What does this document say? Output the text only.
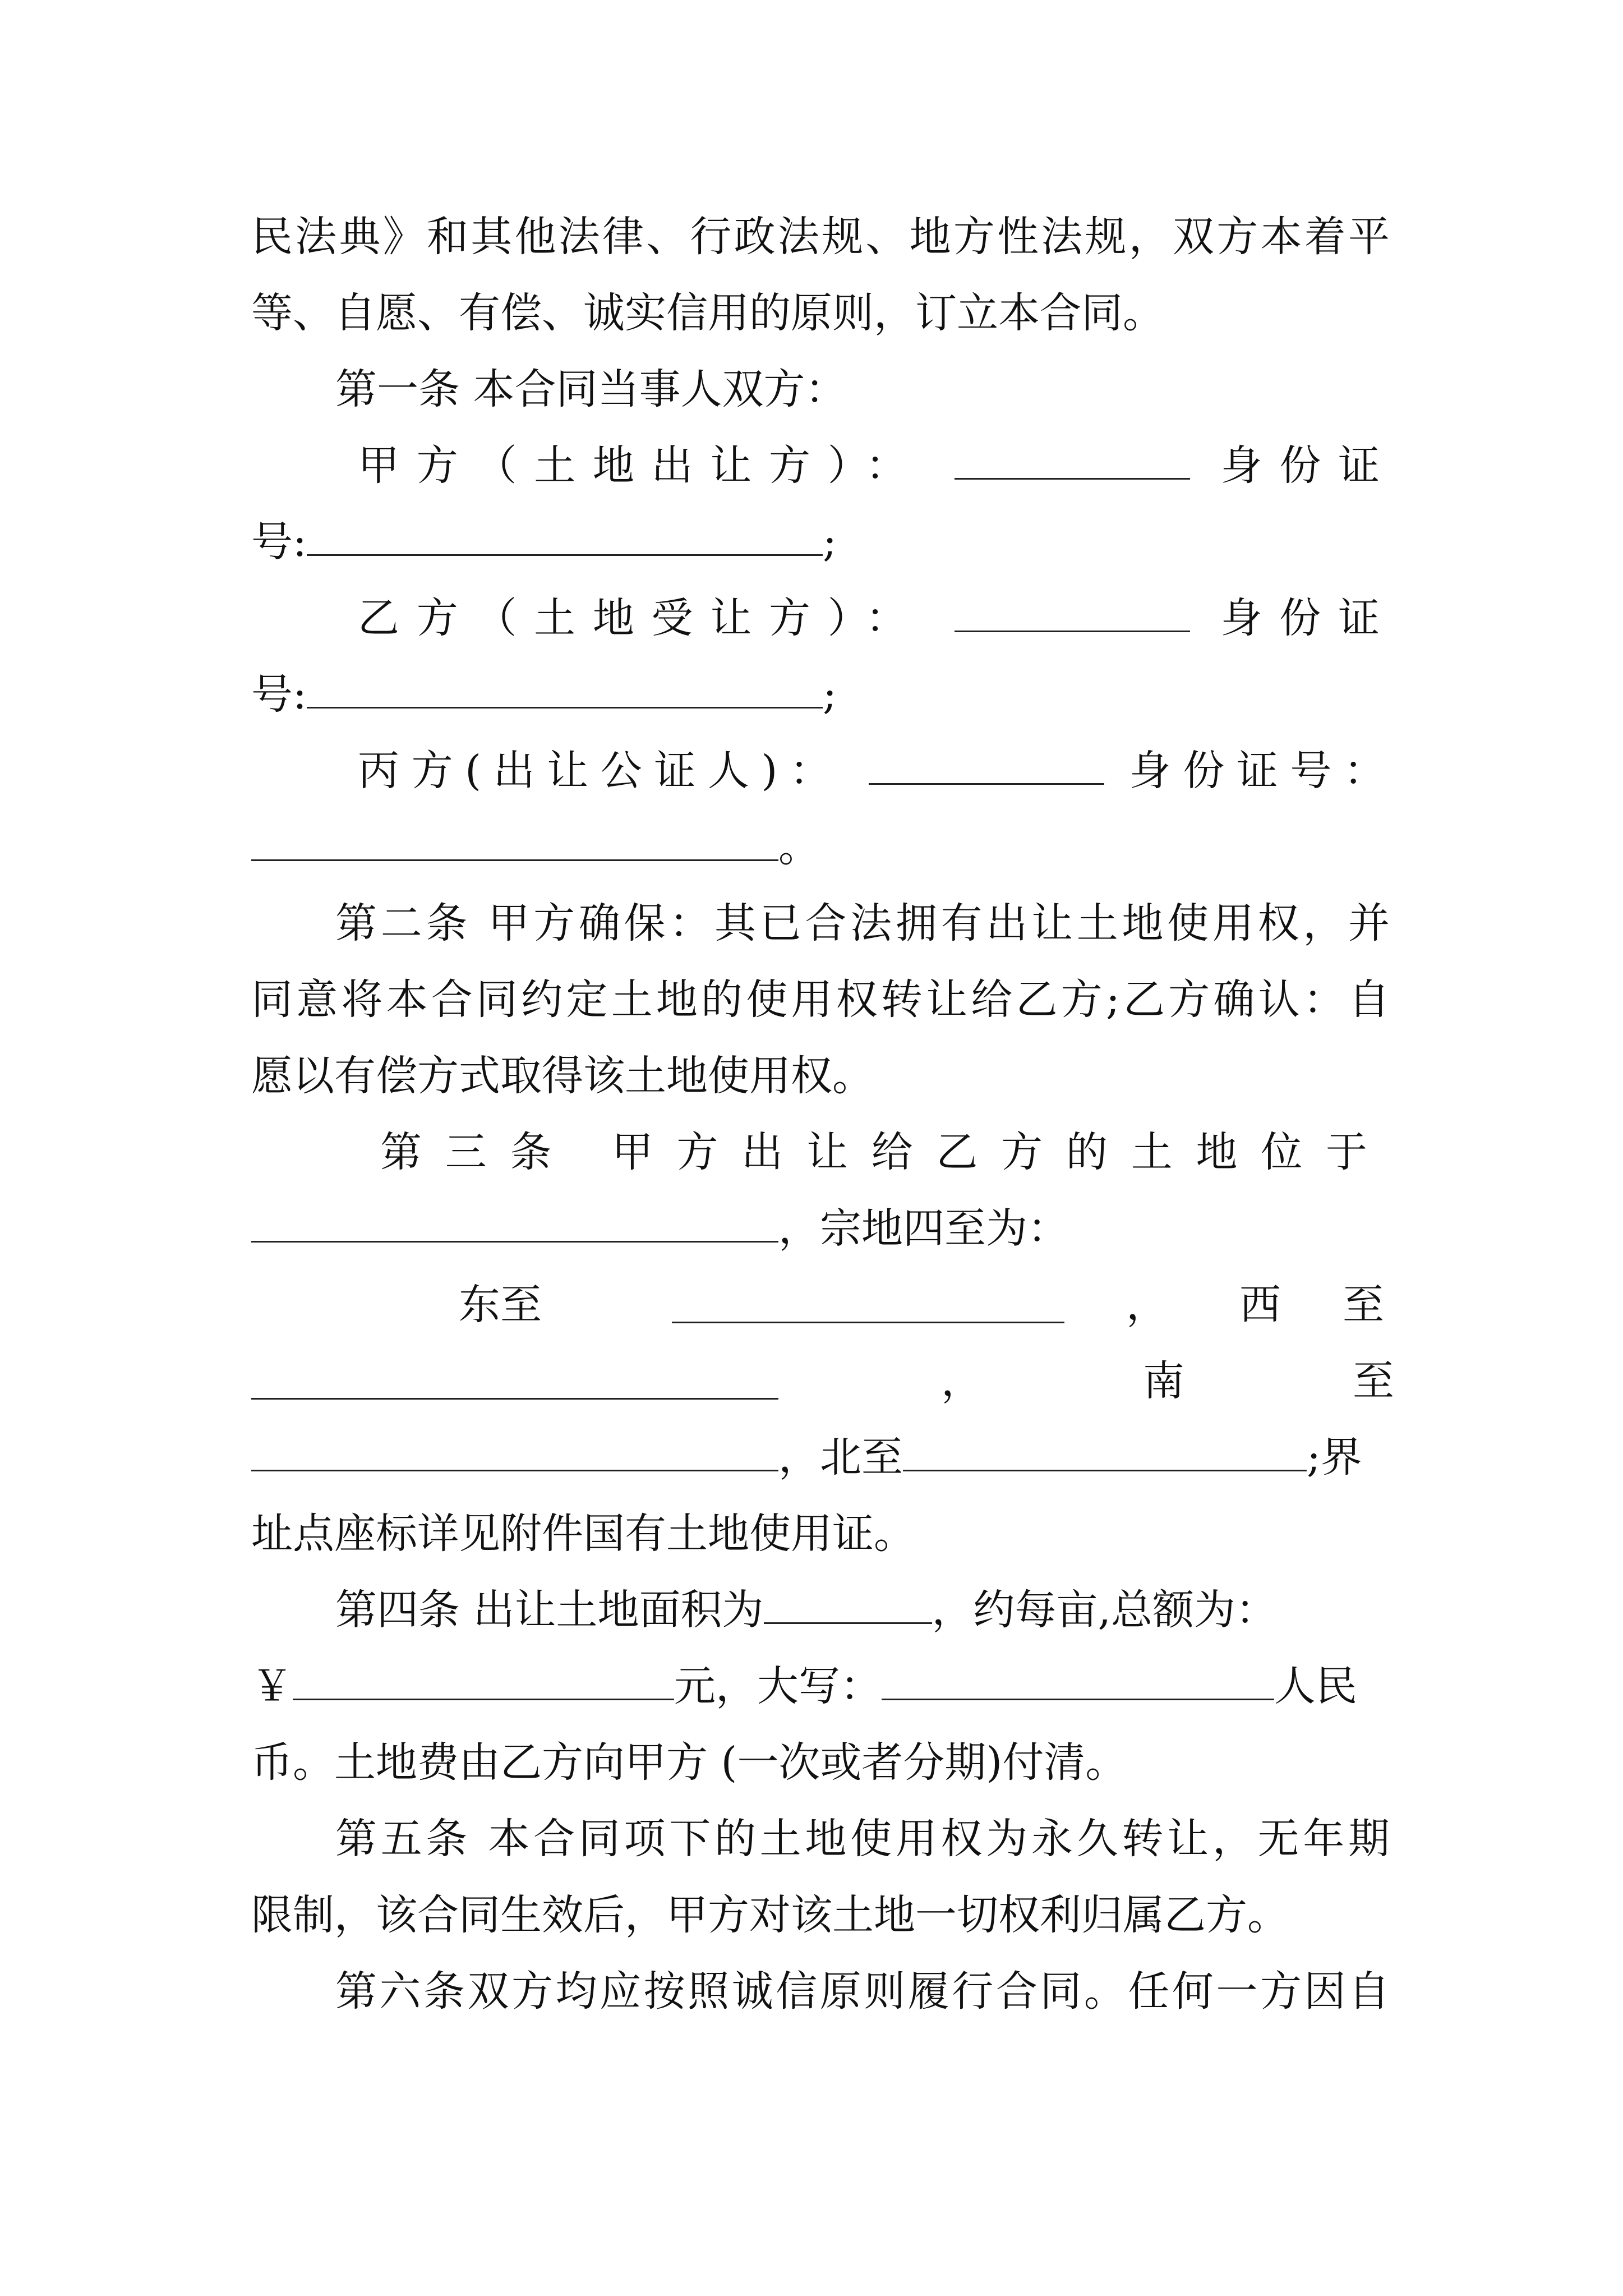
民法典》和其他法律、行政法规、地方性法规，双方本着平
等、自愿、有偿、诚实信用的原则，订立本合同。
第一条 本合同当事人双方：
甲方（土地出让方）：	身份证
号:	;
乙方（土地受让方）：	身份证
号:	;
丙方(出让公证人)：	身份证号：
。
第二条 甲方确保：其已合法拥有出让土地使用权，并
同意将本合同约定土地的使用权转让给乙方;乙方确认：自
愿以有偿方式取得该土地使用权。
第三条 甲方出让给乙方的土地位于
，宗地四至为：
东至	， 西至
，	南至
，北至	;界
址点座标详见附件国有土地使用证。
第四条 出让土地面积为	，约每亩,总额为：
￥	元，大写：	人民
币。土地费由乙方向甲方 (一次或者分期)付清。
第五条 本合同项下的土地使用权为永久转让，无年期
限制，该合同生效后，甲方对该土地一切权利归属乙方。
第六条双方均应按照诚信原则履行合同。任何一方因自
